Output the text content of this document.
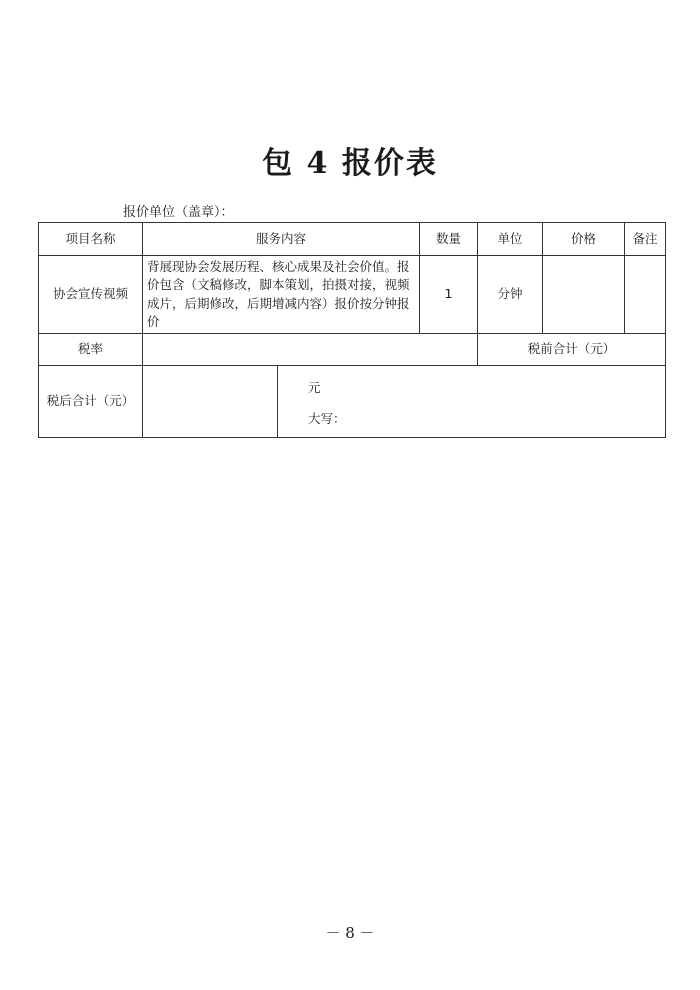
包 4 报价表
报价单位（盖章）：
项目名称	服务内容		数量	单位	价格	备注
协会宣传视频	背展现协会发展历程、核心成果及社会价值。报价包含（文稿修改，脚本策划，拍摄对接，视频成片，后期修改，后期增减内容）报价按分钟报价		1	分钟		
税率				税前合计（元）		
税后合计（元）		元
大写：				
－ 8 －
